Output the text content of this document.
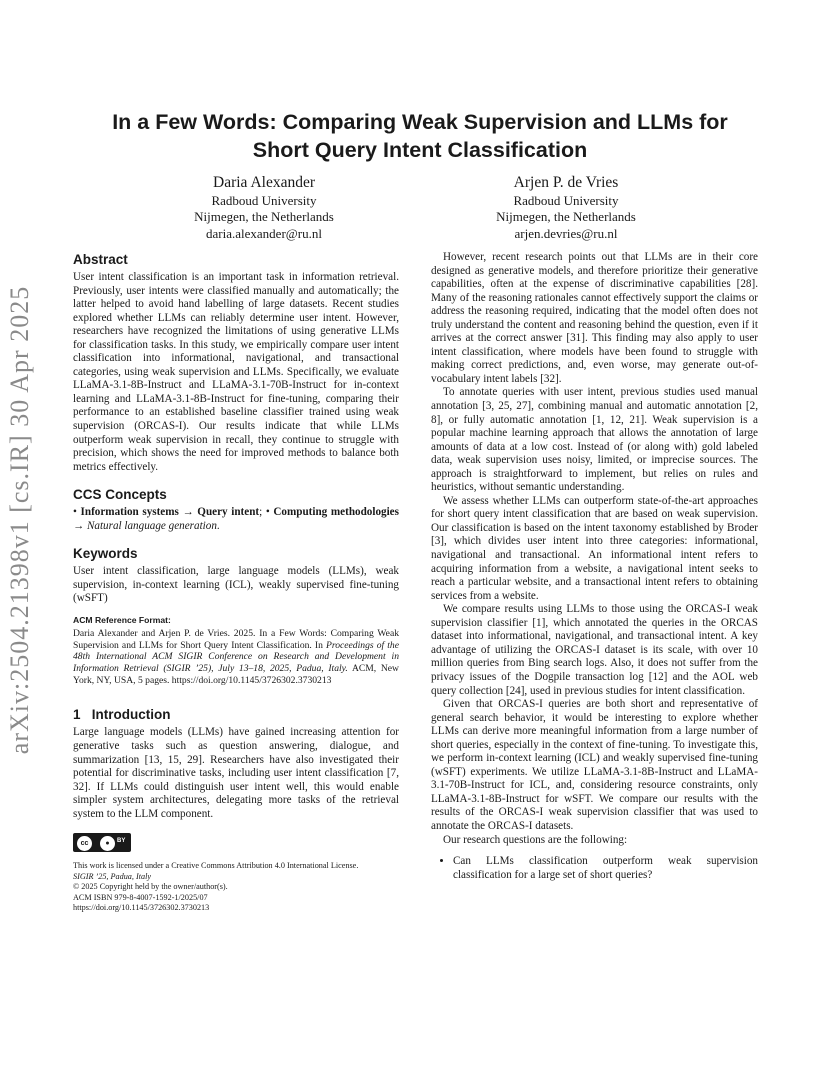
arXiv:2504.21398v1 [cs.IR] 30 Apr 2025
In a Few Words: Comparing Weak Supervision and LLMs for
Short Query Intent Classification
Daria Alexander
Radboud University
Nijmegen, the Netherlands
daria.alexander@ru.nl
Arjen P. de Vries
Radboud University
Nijmegen, the Netherlands
arjen.devries@ru.nl
Abstract

User intent classification is an important task in information retrieval. Previously, user intents were classified manually and automatically; the latter helped to avoid hand labelling of large datasets. Recent studies explored whether LLMs can reliably determine user intent. However, researchers have recognized the limitations of using generative LLMs for classification tasks. In this study, we empirically compare user intent classification into informational, navigational, and transactional categories, using weak supervision and LLMs. Specifically, we evaluate LLaMA-3.1-8B-Instruct and LLaMA-3.1-70B-Instruct for in-context learning and LLaMA-3.1-8B-Instruct for fine-tuning, comparing their performance to an established baseline classifier trained using weak supervision (ORCAS-I). Our results indicate that while LLMs outperform weak supervision in recall, they continue to struggle with precision, which shows the need for improved methods to balance both metrics effectively.

CCS Concepts

• Information systems → Query intent; • Computing methodologies → Natural language generation.

Keywords

User intent classification, large language models (LLMs), weak supervision, in-context learning (ICL), weakly supervised fine-tuning (wSFT)

ACM Reference Format:

Daria Alexander and Arjen P. de Vries. 2025. In a Few Words: Comparing Weak Supervision and LLMs for Short Query Intent Classification. In Proceedings of the 48th International ACM SIGIR Conference on Research and Development in Information Retrieval (SIGIR ’25), July 13–18, 2025, Padua, Italy. ACM, New York, NY, USA, 5 pages. https://doi.org/10.1145/3726302.3730213

1 Introduction

Large language models (LLMs) have gained increasing attention for generative tasks such as question answering, dialogue, and summarization [13, 15, 29]. Researchers have also investigated their potential for discriminative tasks, including user intent classification [7, 32]. If LLMs could distinguish user intent well, this would enable simpler system architectures, delegating more tasks of the retrieval system to the LLM component.

cc	●	BY

This work is licensed under a Creative Commons Attribution 4.0 International License.

SIGIR ’25, Padua, Italy

© 2025 Copyright held by the owner/author(s).

ACM ISBN 979-8-4007-1592-1/2025/07

https://doi.org/10.1145/3726302.3730213

However, recent research points out that LLMs are in their core designed as generative models, and therefore prioritize their generative capabilities, often at the expense of discriminative capabilities [28]. Many of the reasoning rationales cannot effectively support the claims or address the reasoning required, indicating that the model often does not truly understand the content and reasoning behind the question, even if it arrives at the correct answer [31]. This finding may also apply to user intent classification, where models have been found to struggle with making correct predictions, and, even worse, may generate out-of-vocabulary intent labels [32].

To annotate queries with user intent, previous studies used manual annotation [3, 25, 27], combining manual and automatic annotation [2, 8], or fully automatic annotation [1, 12, 21]. Weak supervision is a popular machine learning approach that allows the annotation of large amounts of data at a low cost. Instead of (or along with) gold labeled data, weak supervision uses noisy, limited, or imprecise sources. The approach is straightforward to implement, but relies on rules and heuristics, without semantic understanding.

We assess whether LLMs can outperform state-of-the-art approaches for short query intent classification that are based on weak supervision. Our classification is based on the intent taxonomy established by Broder [3], which divides user intent into three categories: informational, navigational and transactional. An informational intent refers to acquiring information from a website, a navigational intent seeks to reach a particular website, and a transactional intent refers to obtaining services from a website.

We compare results using LLMs to those using the ORCAS-I weak supervision classifier [1], which annotated the queries in the ORCAS dataset into informational, navigational, and transactional intent. A key advantage of utilizing the ORCAS-I dataset is its scale, with over 10 million queries from Bing search logs. Also, it does not suffer from the privacy issues of the Dogpile transaction log [12] and the AOL web query collection [24], used in previous studies for intent classification.

Given that ORCAS-I queries are both short and representative of general search behavior, it would be interesting to explore whether LLMs can derive more meaningful information from a large number of short queries, especially in the context of fine-tuning. To investigate this, we perform in-context learning (ICL) and weakly supervised fine-tuning (wSFT) experiments. We utilize LLaMA-3.1-8B-Instruct and LLaMA-3.1-70B-Instruct for ICL, and, considering resource constraints, only LLaMA-3.1-8B-Instruct for wSFT. We compare our results with the results of the ORCAS-I weak supervision classifier that was used to annotate the ORCAS-I datasets.

Our research questions are the following:

• Can LLMs classification outperform weak supervision classification for a large set of short queries?
